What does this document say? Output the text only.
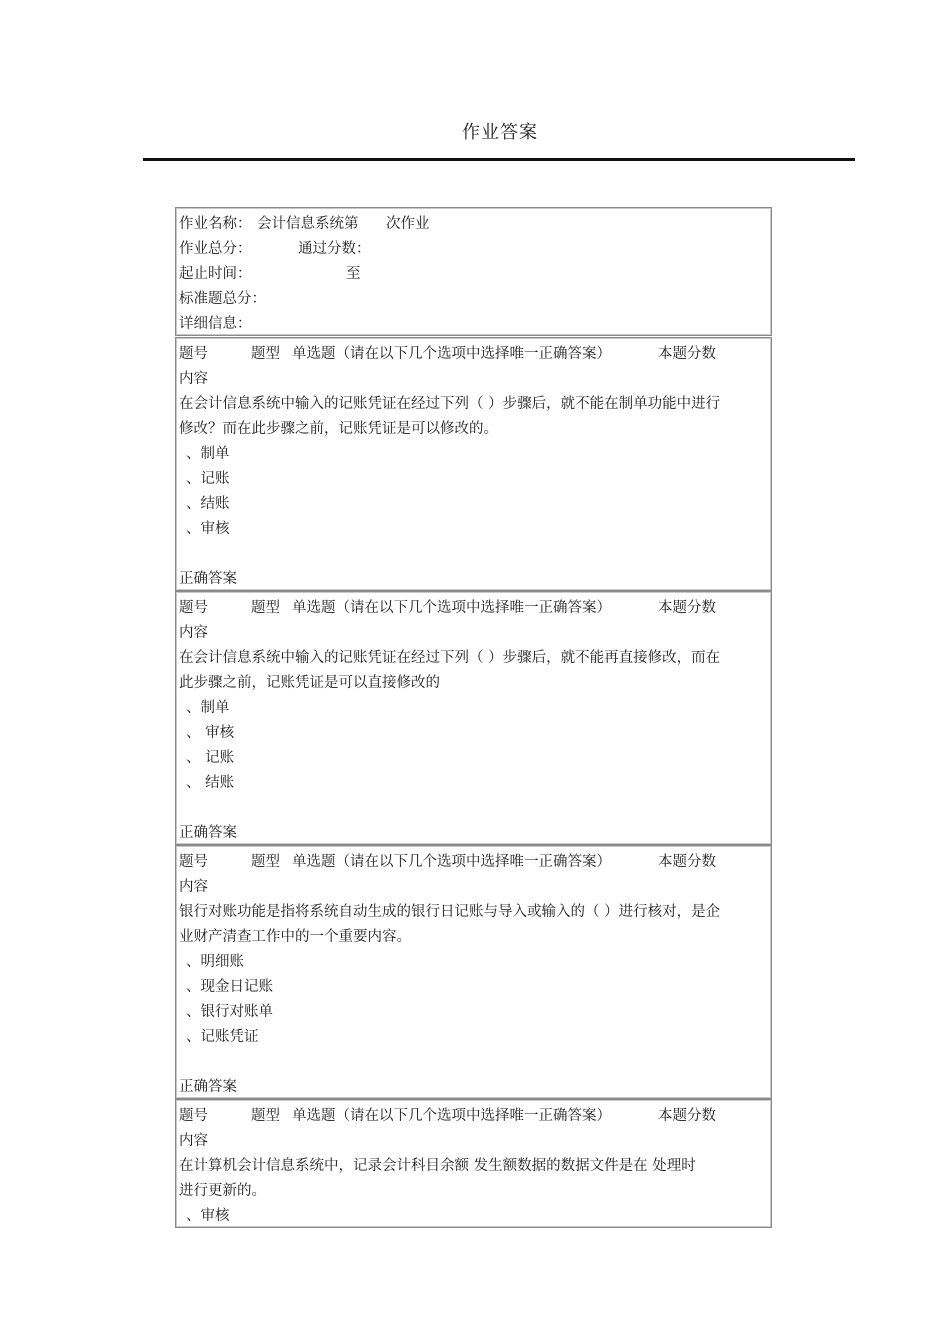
作业答案
作业名称： 会计信息系统第 次作业
作业总分：	通过分数：
起止时间：	至
标准题总分：
详细信息：
题号	题型 单选题（请在以下几个选项中选择唯一正确答案）	本题分数
内容
在会计信息系统中输入的记账凭证在经过下列（ ）步骤后，就不能在制单功能中进行
修改？而在此步骤之前，记账凭证是可以修改的。
、制单
、记账
、结账
、审核
正确答案
题号	题型 单选题（请在以下几个选项中选择唯一正确答案）	本题分数
内容
在会计信息系统中输入的记账凭证在经过下列（ ）步骤后，就不能再直接修改，而在
此步骤之前，记账凭证是可以直接修改的
、制单
、 审核
、 记账
、 结账
正确答案
题号	题型 单选题（请在以下几个选项中选择唯一正确答案）	本题分数
内容
银行对账功能是指将系统自动生成的银行日记账与导入或输入的（ ）进行核对，是企
业财产清查工作中的一个重要内容。
、明细账
、现金日记账
、银行对账单
、记账凭证
正确答案
题号	题型 单选题（请在以下几个选项中选择唯一正确答案）	本题分数
内容
在计算机会计信息系统中，记录会计科目余额 发生额数据的数据文件是在 处理时
进行更新的。
、审核
